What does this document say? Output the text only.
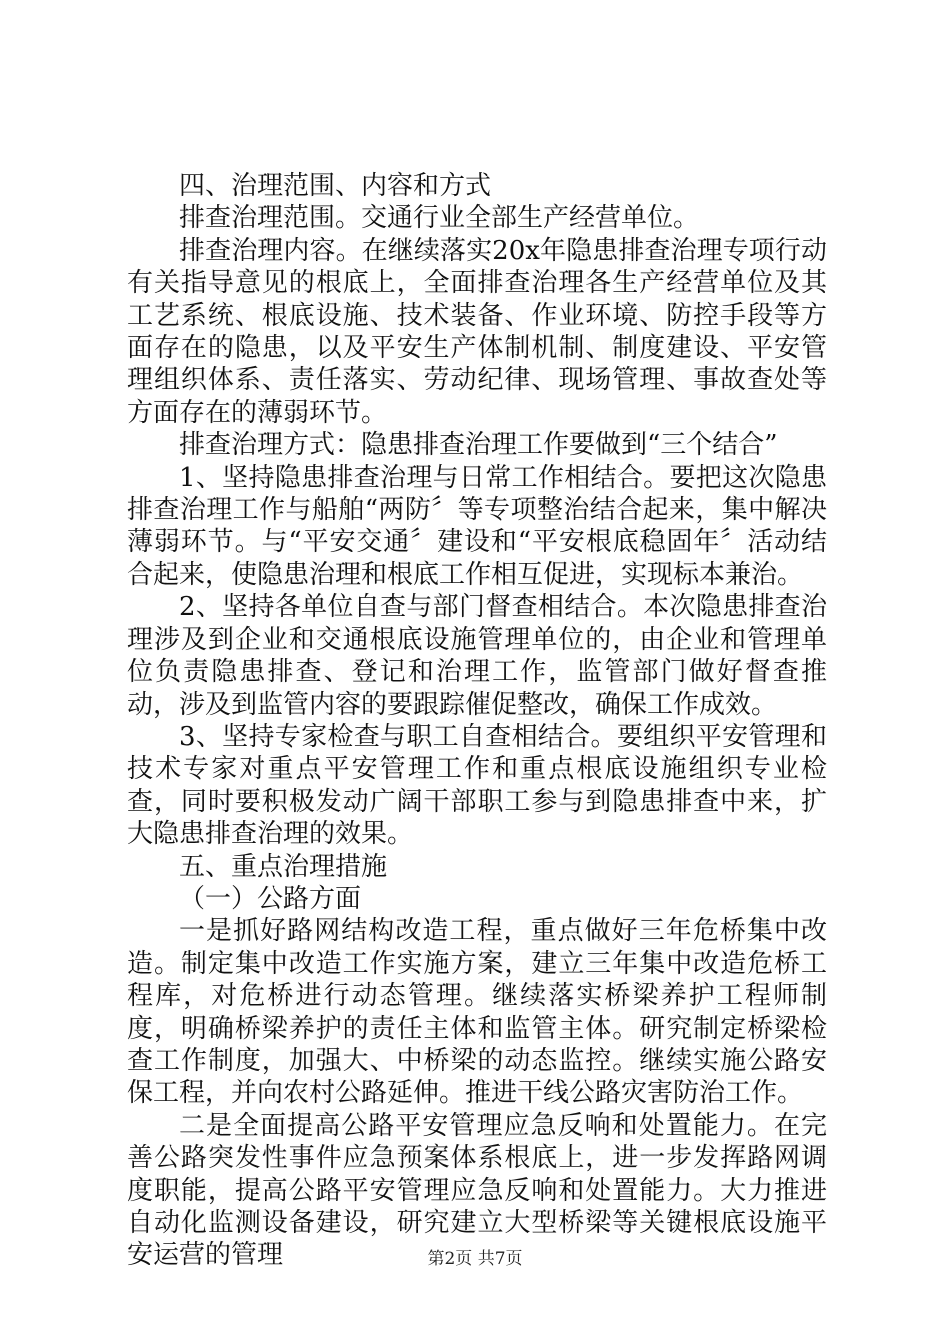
四、治理范围、内容和方式

排查治理范围。交通行业全部生产经营单位。

排查治理内容。在继续落实20x年隐患排查治理专项行动有关指导意见的根底上，全面排查治理各生产经营单位及其工艺系统、根底设施、技术装备、作业环境、防控手段等方面存在的隐患，以及平安生产体制机制、制度建设、平安管理组织体系、责任落实、劳动纪律、现场管理、事故查处等方面存在的薄弱环节。

排查治理方式：隐患排查治理工作要做到“三个结合”

1、坚持隐患排查治理与日常工作相结合。要把这次隐患排查治理工作与船舶“两防〞等专项整治结合起来，集中解决薄弱环节。与“平安交通〞建设和“平安根底稳固年〞活动结合起来，使隐患治理和根底工作相互促进，实现标本兼治。

2、坚持各单位自查与部门督查相结合。本次隐患排查治理涉及到企业和交通根底设施管理单位的，由企业和管理单位负责隐患排查、登记和治理工作，监管部门做好督查推动，涉及到监管内容的要跟踪催促整改，确保工作成效。

3、坚持专家检查与职工自查相结合。要组织平安管理和技术专家对重点平安管理工作和重点根底设施组织专业检查，同时要积极发动广阔干部职工参与到隐患排查中来，扩大隐患排查治理的效果。

五、重点治理措施

（一）公路方面

一是抓好路网结构改造工程，重点做好三年危桥集中改造。制定集中改造工作实施方案，建立三年集中改造危桥工程库，对危桥进行动态管理。继续落实桥梁养护工程师制度，明确桥梁养护的责任主体和监管主体。研究制定桥梁检查工作制度，加强大、中桥梁的动态监控。继续实施公路安保工程，并向农村公路延伸。推进干线公路灾害防治工作。

二是全面提高公路平安管理应急反响和处置能力。在完善公路突发性事件应急预案体系根底上，进一步发挥路网调度职能，提高公路平安管理应急反响和处置能力。大力推进自动化监测设备建设，研究建立大型桥梁等关键根底设施平安运营的管理	第2页 共7页
